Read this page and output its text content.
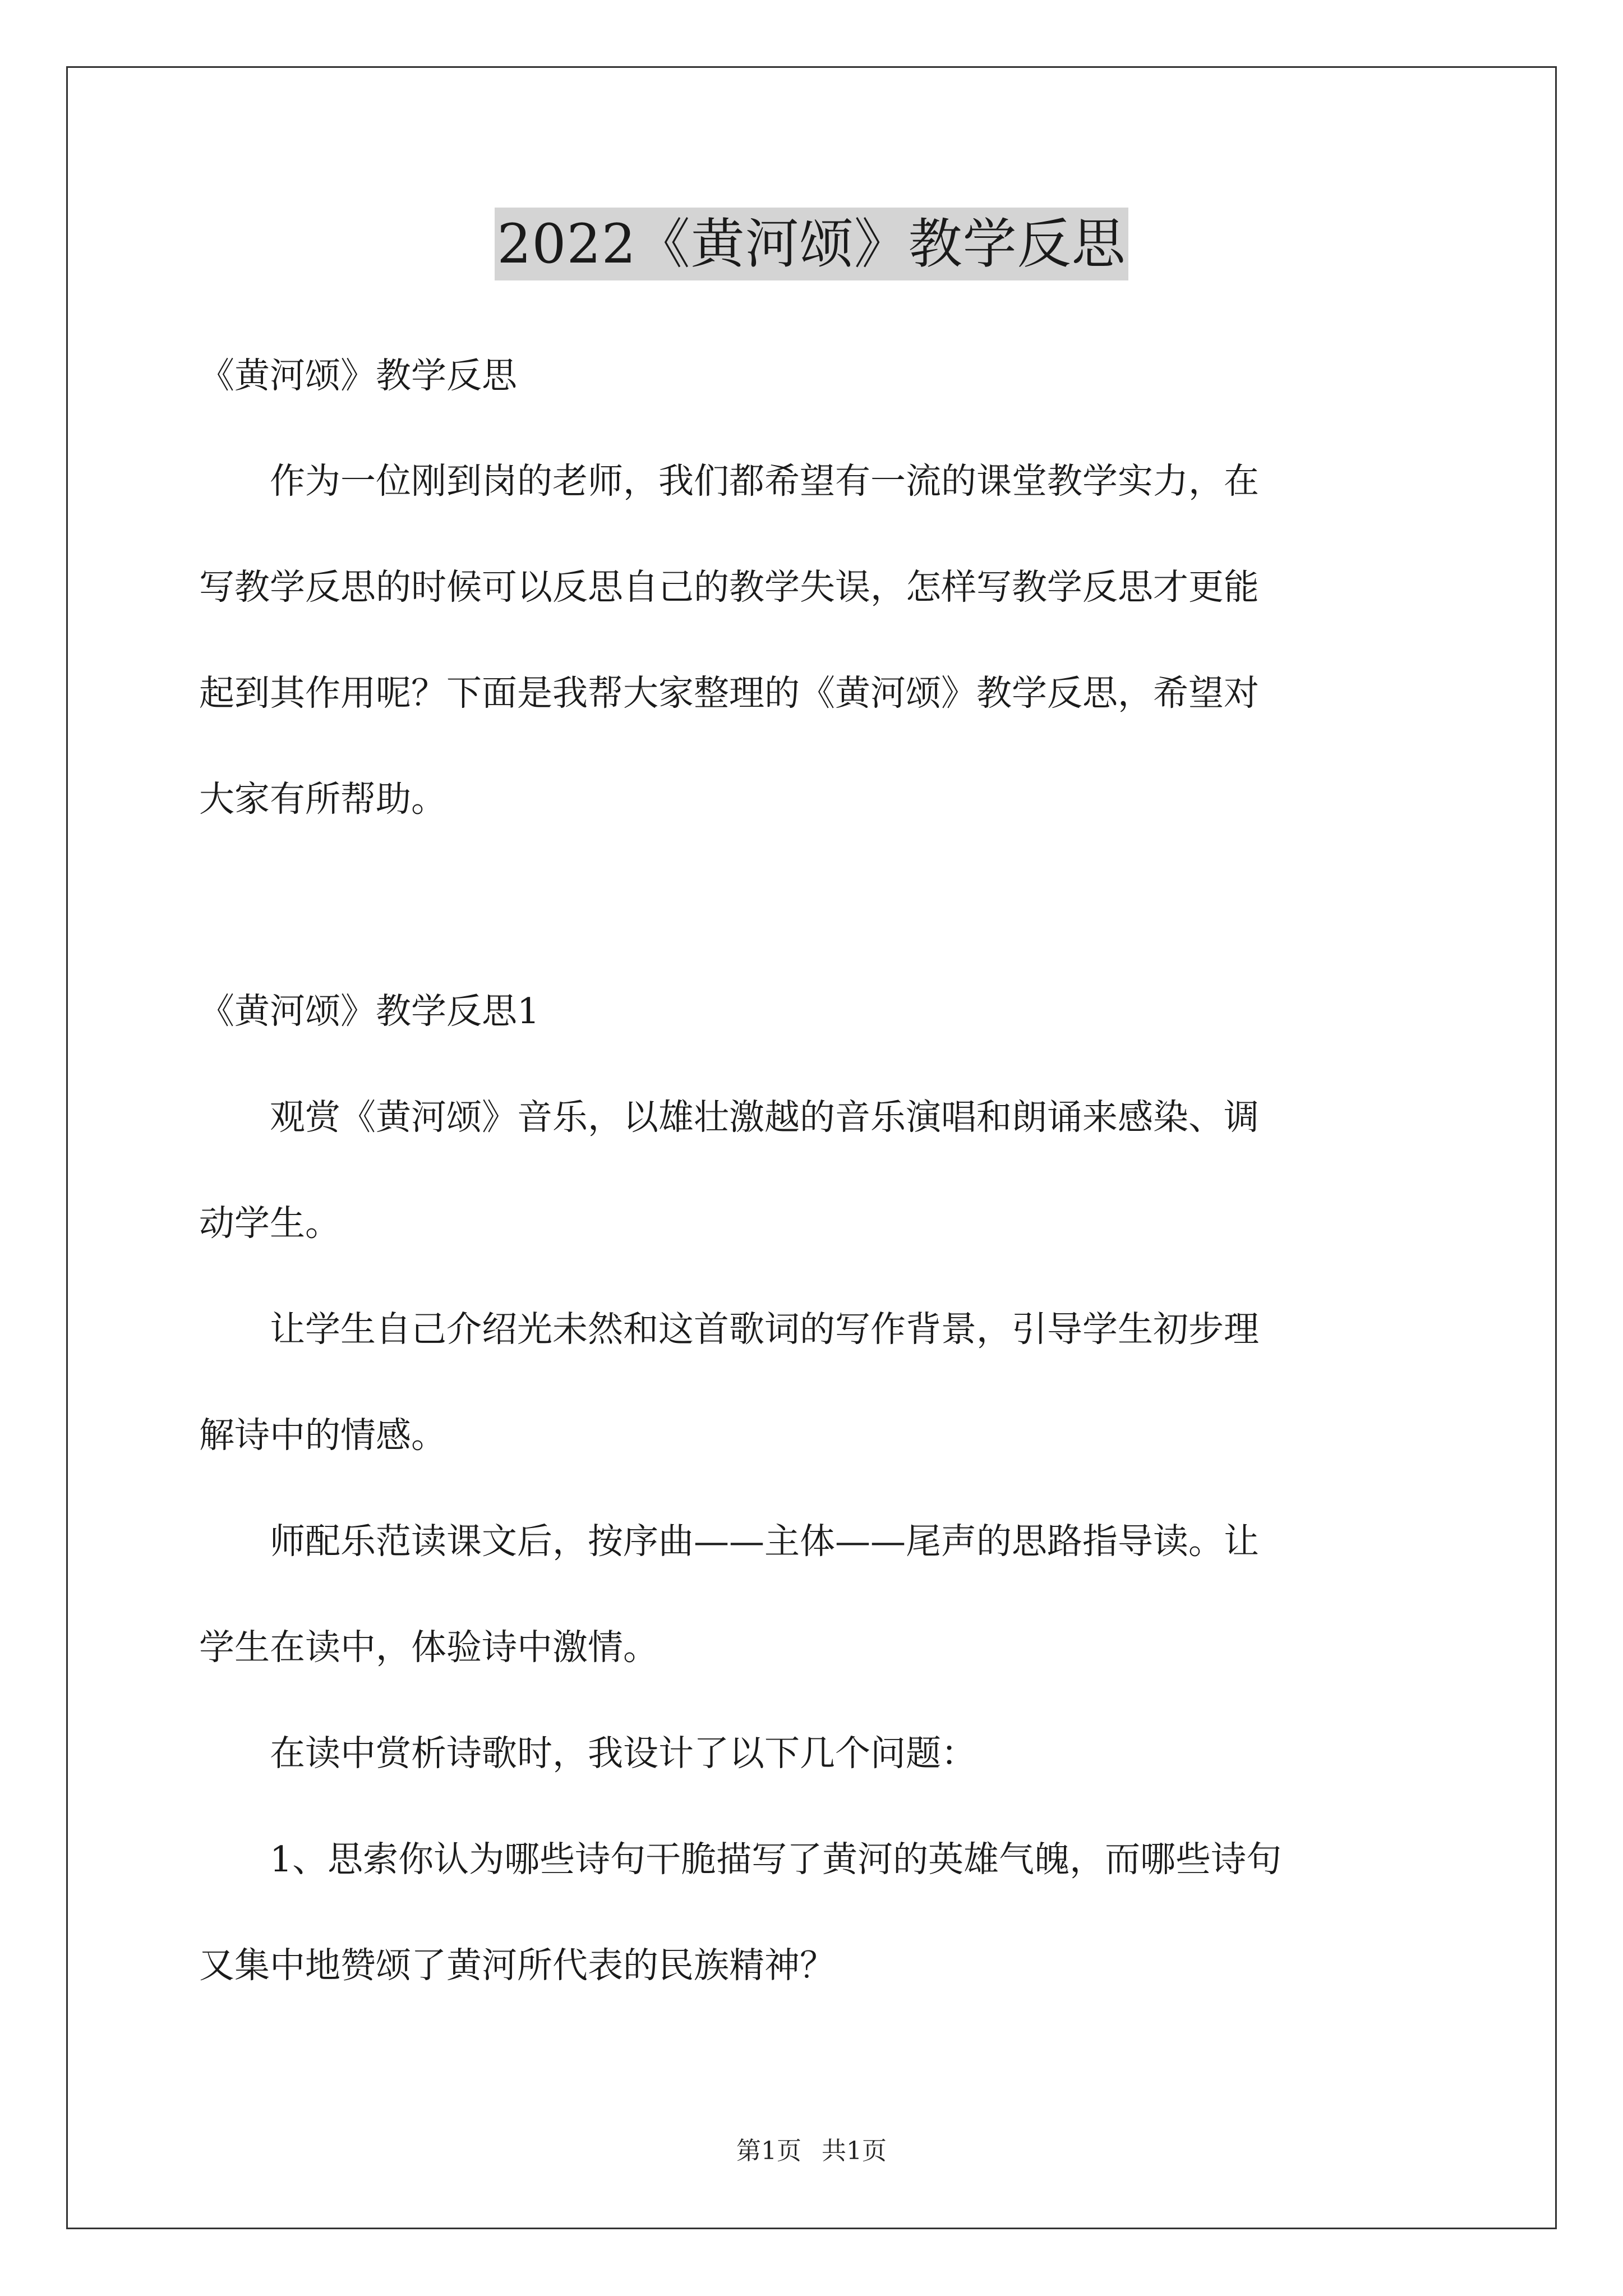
2022《黄河颂》教学反思

《黄河颂》教学反思

作为一位刚到岗的老师，我们都希望有一流的课堂教学实力，在

写教学反思的时候可以反思自己的教学失误，怎样写教学反思才更能

起到其作用呢？下面是我帮大家整理的《黄河颂》教学反思，希望对

大家有所帮助。

《黄河颂》教学反思1

观赏《黄河颂》音乐，以雄壮激越的音乐演唱和朗诵来感染、调

动学生。

让学生自己介绍光未然和这首歌词的写作背景，引导学生初步理

解诗中的情感。

师配乐范读课文后，按序曲——主体——尾声的思路指导读。让

学生在读中，体验诗中激情。

在读中赏析诗歌时，我设计了以下几个问题：

1、思索你认为哪些诗句干脆描写了黄河的英雄气魄，而哪些诗句

又集中地赞颂了黄河所代表的民族精神？

第1页 共1页
